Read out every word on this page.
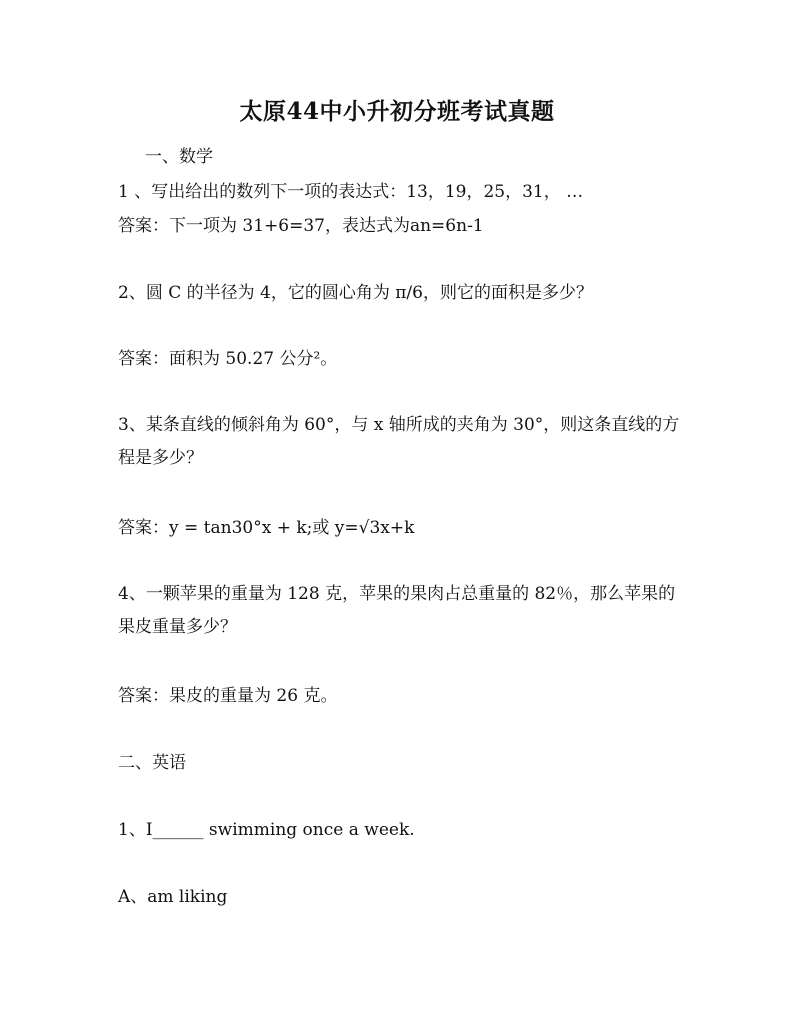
太原44中小升初分班考试真题
一、数学
1 、写出给出的数列下一项的表达式：13，19，25，31， …
答案：下一项为 31+6=37，表达式为an=6n-1
2、圆 C 的半径为 4，它的圆心角为 π/6，则它的面积是多少？
答案：面积为 50.27 公分²。
3、某条直线的倾斜角为 60°，与 x 轴所成的夹角为 30°，则这条直线的方程是多少？
答案：y = tan30°x + k;或 y=√3x+k
4、一颗苹果的重量为 128 克，苹果的果肉占总重量的 82％，那么苹果的果皮重量多少？
答案：果皮的重量为 26 克。
二、英语
1、I______ swimming once a week.
A、am liking
